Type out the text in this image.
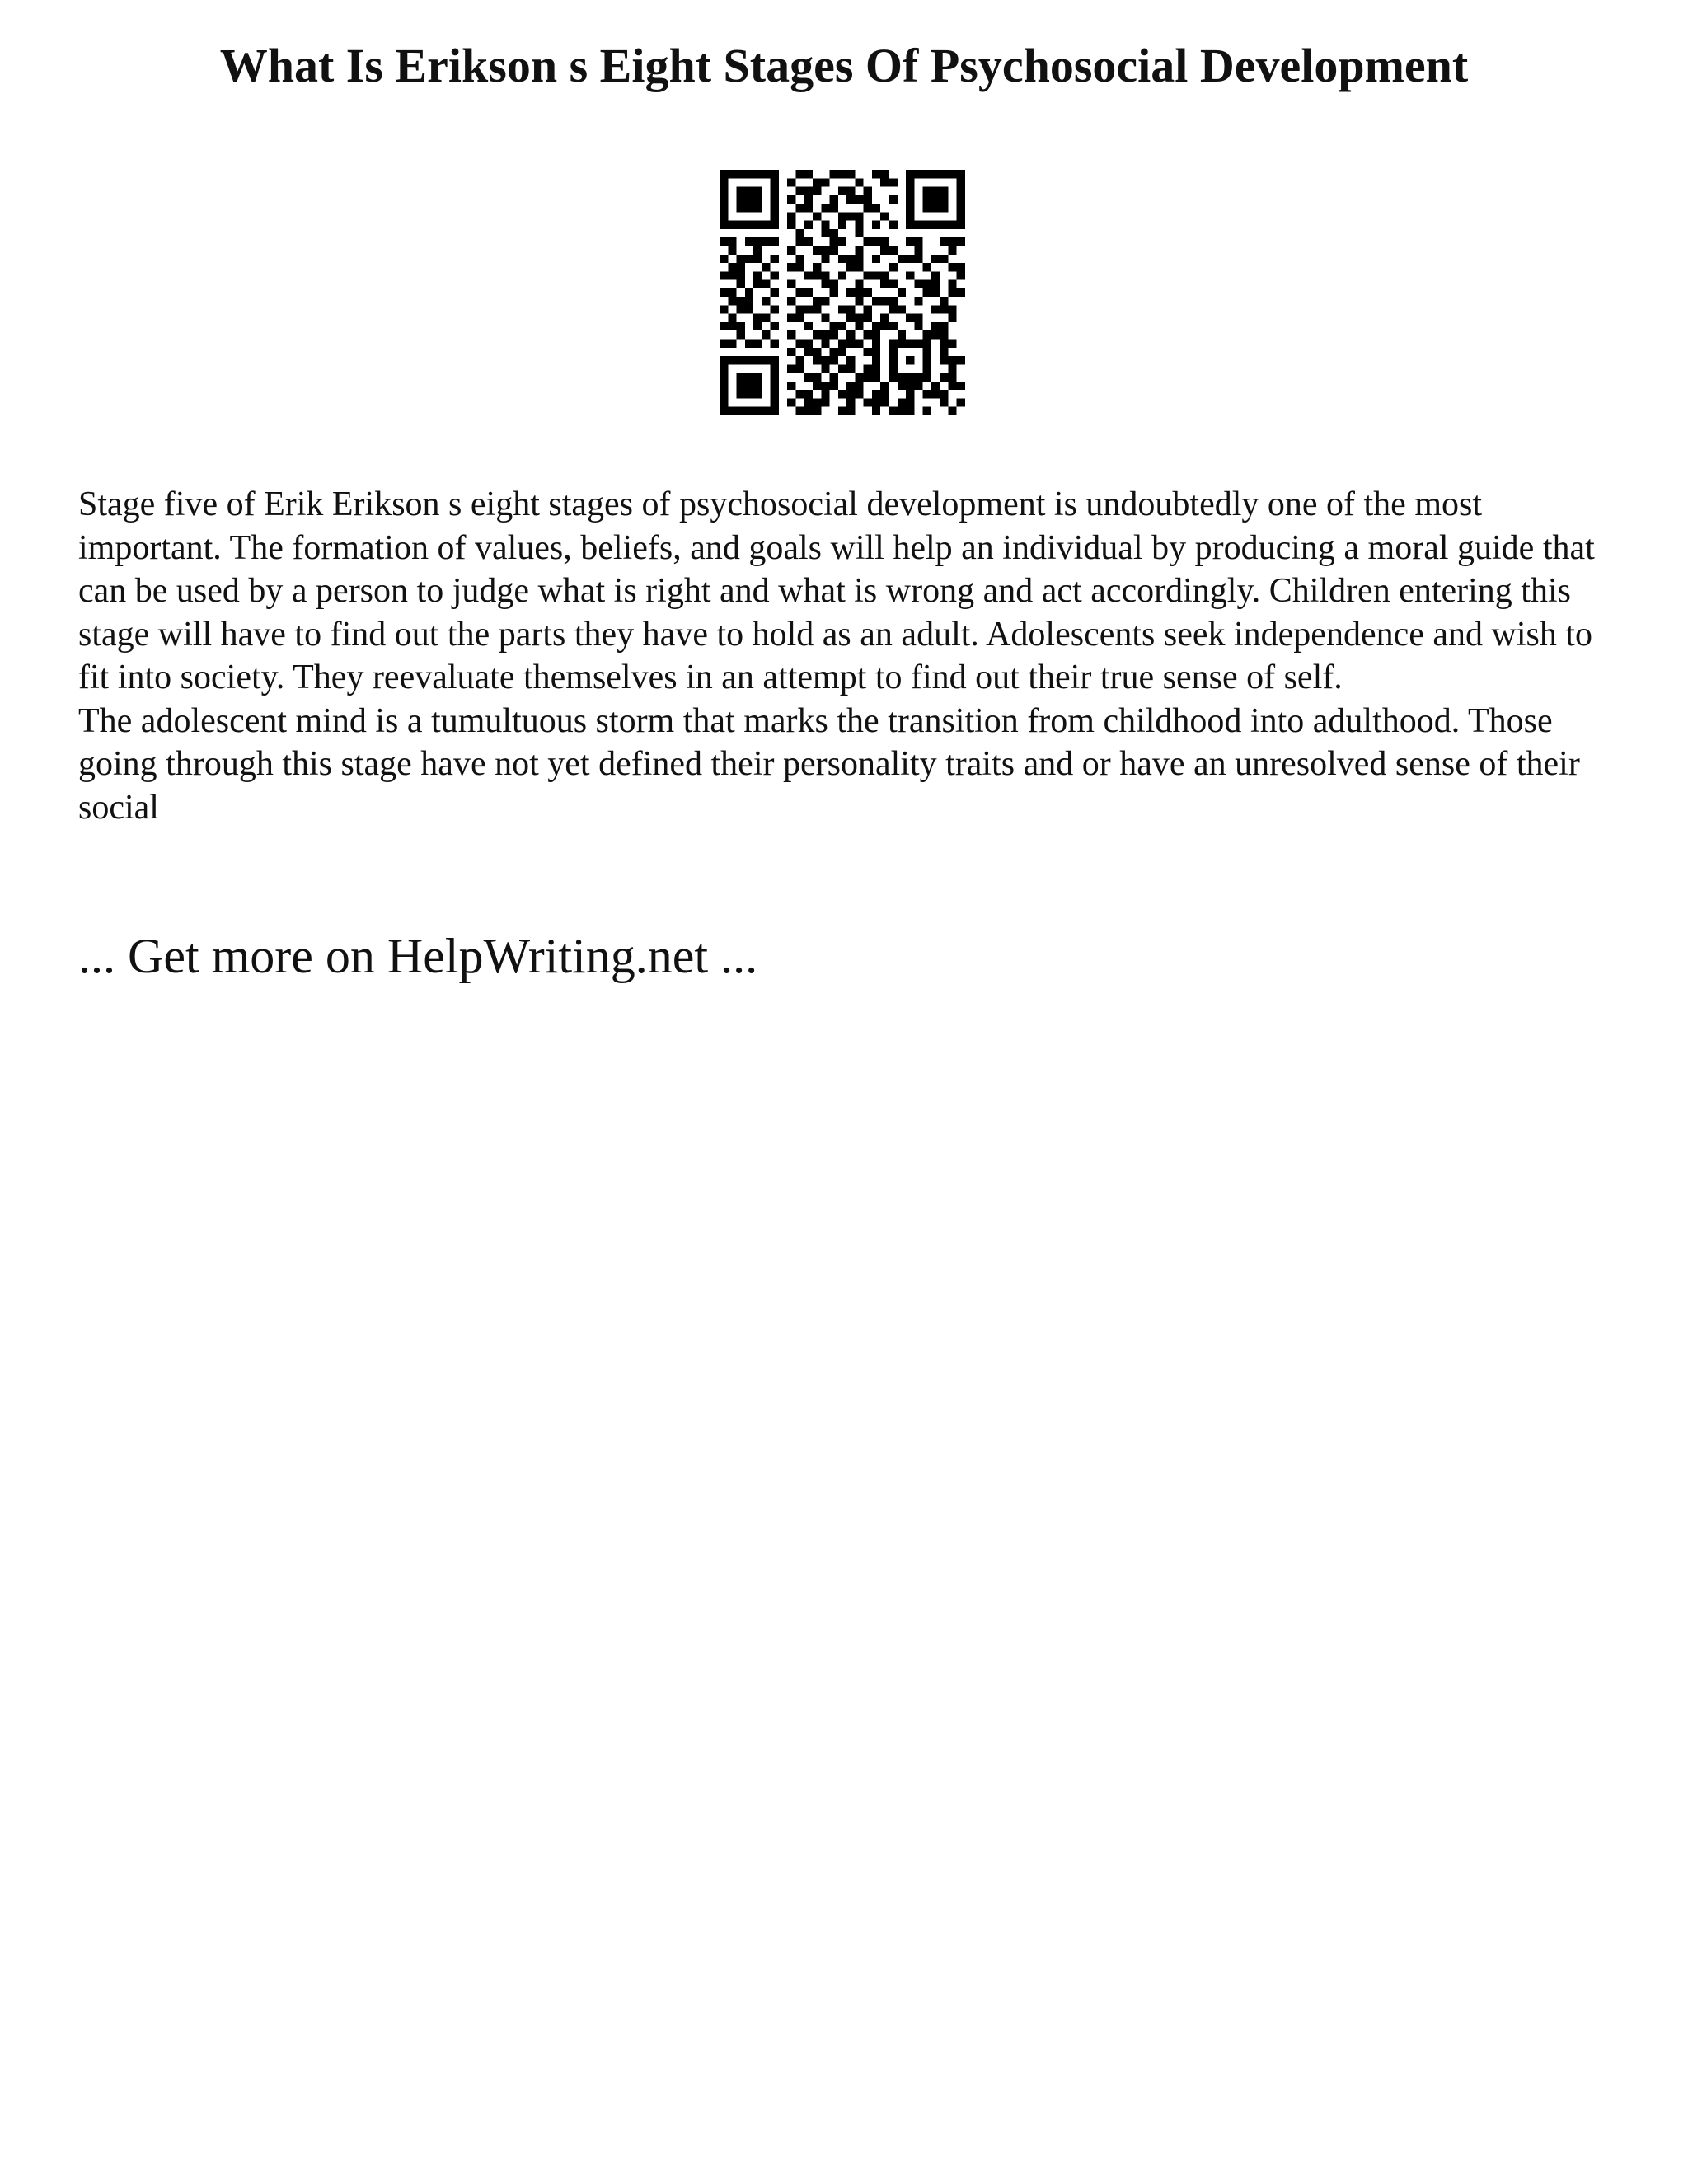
What Is Erikson s Eight Stages Of Psychosocial Development

Stage five of Erik Erikson s eight stages of psychosocial development is undoubtedly one of the most important. The formation of values, beliefs, and goals will help an individual by producing a moral guide that can be used by a person to judge what is right and what is wrong and act accordingly. Children entering this stage will have to find out the parts they have to hold as an adult. Adolescents seek independence and wish to fit into society. They reevaluate themselves in an attempt to find out their true sense of self.

The adolescent mind is a tumultuous storm that marks the transition from childhood into adulthood. Those going through this stage have not yet defined their personality traits and or have an unresolved sense of their social

... Get more on HelpWriting.net ...
